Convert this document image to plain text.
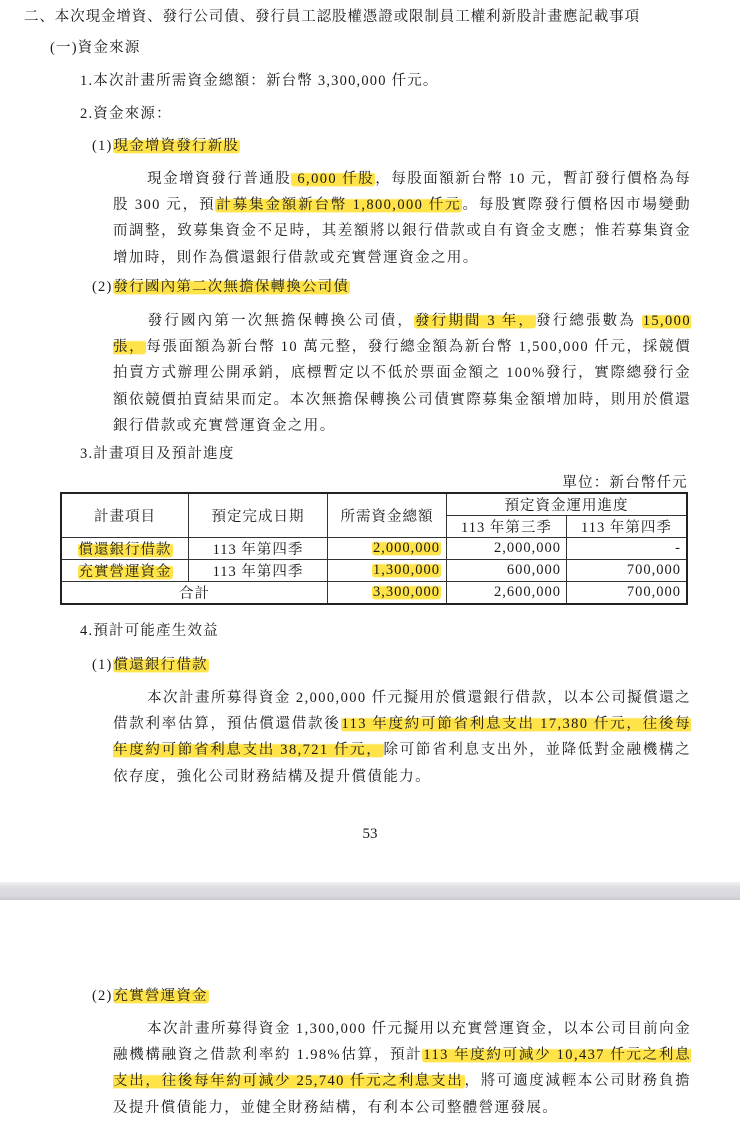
二、本次現金增資、發行公司債、發行員工認股權憑證或限制員工權利新股計畫應記載事項
(一)資金來源
1.本次計畫所需資金總額：新台幣 3,300,000 仟元。
2.資金來源：
(1)現金增資發行新股
現金增資發行普通股 6,000 仟股，每股面額新台幣 10 元，暫訂發行價格為每股 300 元，預計募集金額新台幣 1,800,000 仟元。每股實際發行價格因市場變動而調整，致募集資金不足時，其差額將以銀行借款或自有資金支應；惟若募集資金增加時，則作為償還銀行借款或充實營運資金之用。
(2)發行國內第二次無擔保轉換公司債
發行國內第一次無擔保轉換公司債，發行期間 3 年，發行總張數為 15,000 張，每張面額為新台幣 10 萬元整，發行總金額為新台幣 1,500,000 仟元，採競價拍賣方式辦理公開承銷，底標暫定以不低於票面金額之 100%發行，實際總發行金額依競價拍賣結果而定。本次無擔保轉換公司債實際募集金額增加時，則用於償還銀行借款或充實營運資金之用。
3.計畫項目及預計進度
單位：新台幣仟元
計畫項目	預定完成日期	所需資金總額	預定資金運用進度	
			113 年第三季	113 年第四季
償還銀行借款	113 年第四季	2,000,000	2,000,000	-
充實營運資金	113 年第四季	1,300,000	600,000	700,000
合計		3,300,000	2,600,000	700,000
4.預計可能產生效益
(1)償還銀行借款
本次計畫所募得資金 2,000,000 仟元擬用於償還銀行借款，以本公司擬償還之借款利率估算，預估償還借款後113 年度約可節省利息支出 17,380 仟元，往後每年度約可節省利息支出 38,721 仟元，除可節省利息支出外，並降低對金融機構之依存度，強化公司財務結構及提升償債能力。
53
(2)充實營運資金
本次計畫所募得資金 1,300,000 仟元擬用以充實營運資金，以本公司目前向金融機構融資之借款利率約 1.98%估算，預計113 年度約可減少 10,437 仟元之利息支出，往後每年約可減少 25,740 仟元之利息支出，將可適度減輕本公司財務負擔及提升償債能力，並健全財務結構，有利本公司整體營運發展。
